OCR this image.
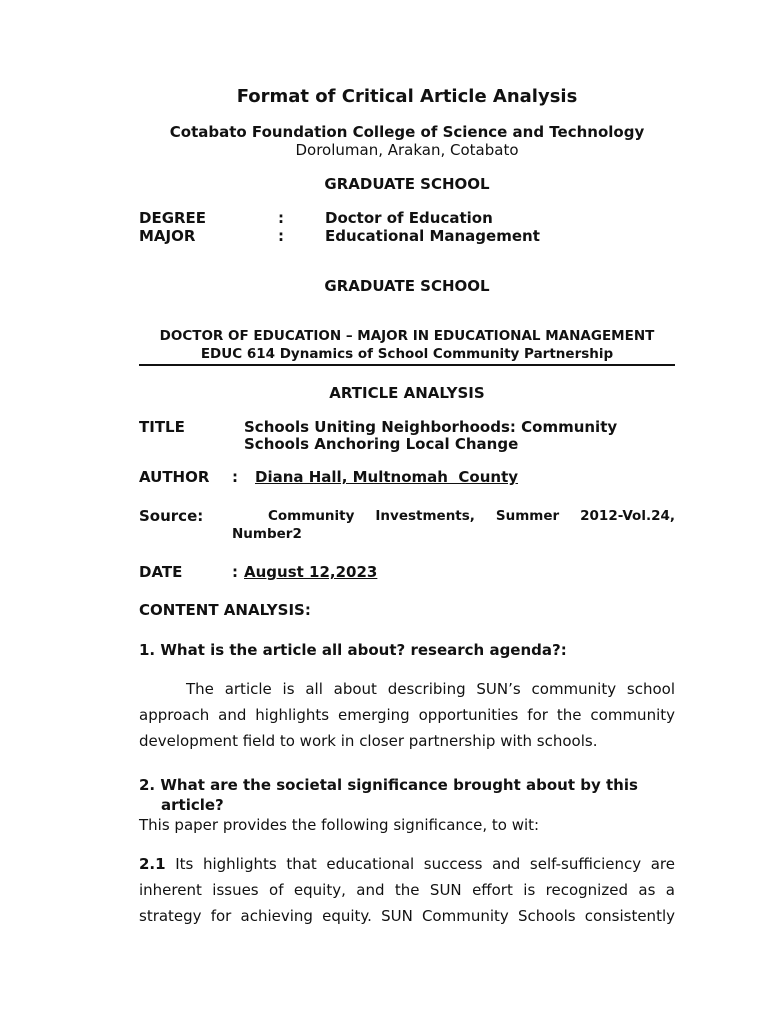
Format of Critical Article Analysis
Cotabato Foundation College of Science and Technology
Doroluman, Arakan, Cotabato
GRADUATE SCHOOL
DEGREE	:	Doctor of Education
MAJOR	:	Educational Management
GRADUATE SCHOOL
DOCTOR OF EDUCATION – MAJOR IN EDUCATIONAL MANAGEMENT
EDUC 614 Dynamics of School Community Partnership
ARTICLE ANALYSIS
TITLE	Schools Uniting Neighborhoods: Community
Schools Anchoring Local Change
AUTHOR : Diana Hall, Multnomah  County
Source:	Community Investments, Summer 2012-Vol.24,
Number2
DATE	: August 12,2023
CONTENT ANALYSIS:
1. What is the article all about? research agenda?:
The article is all about describing SUN’s community school
approach and highlights emerging opportunities for the community
development field to work in closer partnership with schools.
2. What are the societal significance brought about by this
article?
This paper provides the following significance, to wit:
2.1 Its highlights that educational success and self-sufficiency are
inherent issues of equity, and the SUN effort is recognized as a
strategy for achieving equity. SUN Community Schools consistently
